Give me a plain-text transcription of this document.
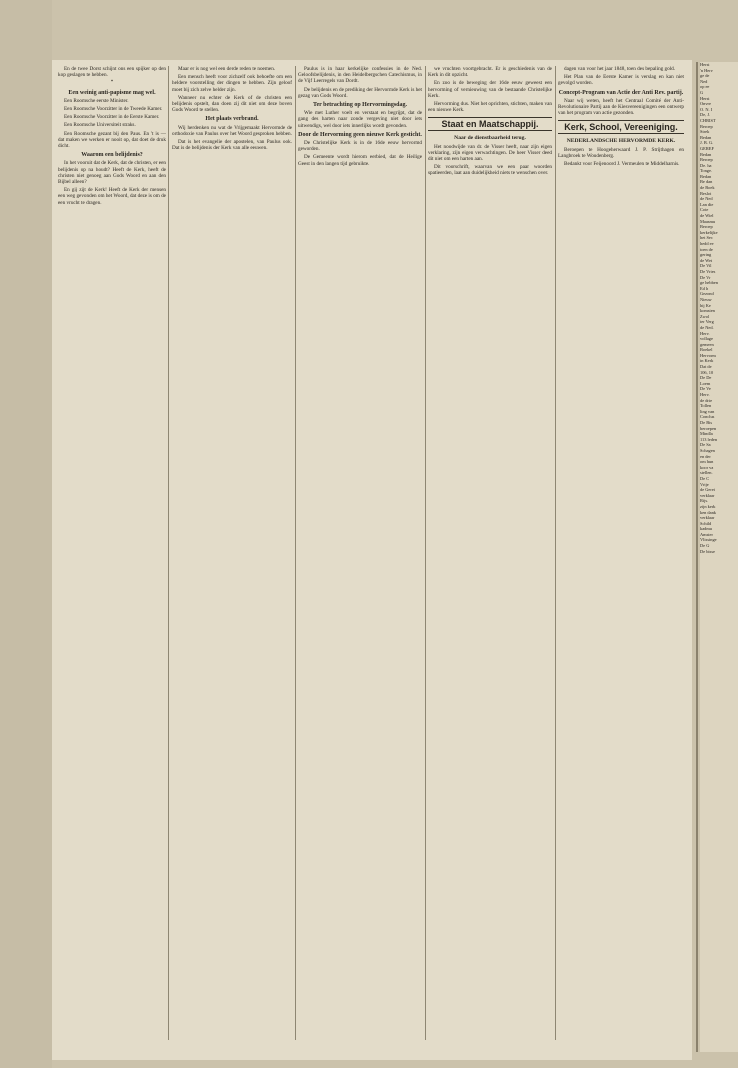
En de twee Dorst schijnt ons een spijker op den kop geslagen te hebben.

*
Een weinig anti-papisme mag wel.

Een Roomsche eerste Minister.

Een Roomsche Voorzitter in de Tweede Kamer.

Een Roomsche Voorzitter in de Eerste Kamer.

Een Roomsche Universiteit straks.

Een Roomsche gezant bij den Paus. En 't is — dat maken we werken er nooit op, dat doet de druk dicht.

Waarom een belijdenis?

In het vooruit dat de Kerk, dat de christen, er een belijdenis op na houdt? Heeft de Kerk, heeft de christen niet genoeg aan Gods Woord en aan den Bijbel alleen?

En gij zijt de Kerk! Heeft de Kerk der mensen een weg gevonden om het Woord, dat deze is om de een vrucht te dragen.

Maar er is nog wel een derde reden te noemen.

Een mensch heeft voor zichzelf ook behoefte om een heldere voorstelling der dingen te hebben. Zijn geloof moet bij zich zelve helder zijn.

Wanneer nu echter de Kerk of de christen een belijdenis opstelt, dan doen zij dit niet om deze boven Gods Woord te stellen.

Het plaats verbrand.

Wij herdenken nu wat de Vrijgemaakt Hervormde de orthodoxie van Paulus over het Woord gesproken hebben.

Dat is het evangelie der apostelen, van Paulus ook. Dat is de belijdenis der Kerk van alle eeuwen.

Paulus is in haar kerkelijke confessies in de Ned. Geloofsbelijdenis, in den Heidelbergschen Catechismus, in de Vijf Leerregels van Dordt.

De belijdenis en de prediking der Hervormde Kerk is het gezag van Gods Woord.

Ter betrachting op Hervormingsdag.

Wie met Luther voelt en verstaat en begrijpt, dat de gang des harten naar zonde vergeving niet door iets uitwendigs, wel door iets innerlijks wordt gevonden.

Door de Hervorming geen nieuwe Kerk gesticht.

De Christelijke Kerk is in de 16de eeuw hervormd geworden.

De Gemeente wordt hierom eerbied, dat de Heilige Geest in den langen tijd gebruikte.

we vruchten voortgebracht. Er is geschiedenis van de Kerk in dit opzicht.

En zoo is de beweging der 16de eeuw geweest een hervorming of vernieuwing van de bestaande Christelijke Kerk.

Hervorming dus. Niet het oprichten, stichten, maken van een nieuwe Kerk.

Staat en Maatschappij.
Naar de dienstbaarheid terug.

Het noodwijde van dr. de Visser heeft, naar zijn eigen verklaring, zijn eigen verwachtingen. De heer Visser deed dit niet om een harten aan.

Dit voorschrift, waarvan we een paar woorden spatieerden, laat aan duidelijkheid niets te wenschen over.

dagen van voor het jaar 1848, toen des bepaling gold.

Het Plan van de Eerste Kamer is verslag en kan niet gevolgd worden.

Concept-Program van Actie der Anti Rev. partij.

Naar wij weten, heeft het Centraal Comité der Anti-Revolutionaire Partij aan de Kiesvereenigingen een ontwerp van het program van actie gezonden.

Kerk, School, Vereeniging.
NEDERLANDSCHE HERVORMDE KERK.

Beroepen te Hoogeherwaard J. P. Strijthagen en Langbroek te Woudenberg.

Bedankt voor Feijenoord J. Vermeulen te Middelharnis.

Herst
'n Herv
ge de
Ned
op ee
G
Herst
Onvre
O. N. I
De, J.
CHRIST
Beroep
Strek
Bedan
J. B. G.
GEREF
Bedan
Beroep
De. ha
Tonge.
Bedan
Be dan
de Boek
Beslot
de Ned
Lan die
Cote
de Wiel
Maasmu
Beroep
kerkelijke
het Sec
hedd ee
toen de
gering
de Wet
De Vil
De Vries
De Vr
ge hebben
Ed h
Gezond
Nieuw
hij Ke
komsten
Zwol
ter Verg
de Ned.
Herv.
vollage
gemeen
Boekel
Hervorm
in Kerk
Dat de
106, 10
De De
Loem
De Ve
Herv.
de drie
Tollen
ling van
Conclus
De Bis
beroepen
Mindla
113 leden
De Sa
Schagen
en der
om hun
koor va
stellen.
De C
Vrije
de Gerei
verklaar
Rijs.
zijn kerk
ken dank
verklaar
Schild
kadmu
Amster
Vlissinge
De G
De bisse
